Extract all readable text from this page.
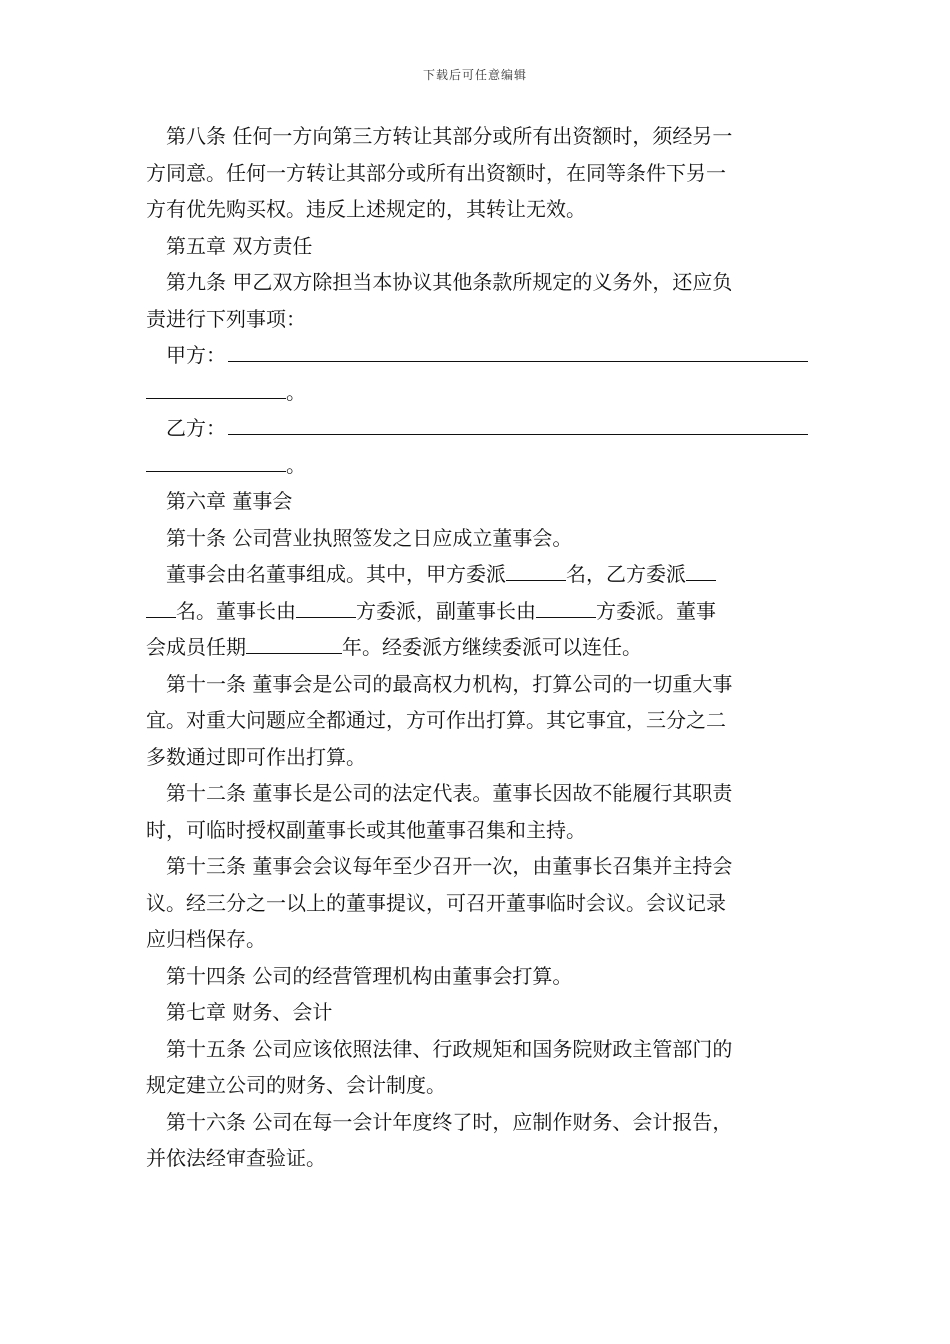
下载后可任意编辑
第八条 任何一方向第三方转让其部分或所有出资额时，须经另一
方同意。任何一方转让其部分或所有出资额时，在同等条件下另一
方有优先购买权。违反上述规定的，其转让无效。
第五章 双方责任
第九条 甲乙双方除担当本协议其他条款所规定的义务外，还应负
责进行下列事项：
甲方：
。
乙方：
。
第六章 董事会
第十条 公司营业执照签发之日应成立董事会。
董事会由名董事组成。其中，甲方委派	名，乙方委派
名。董事长由	方委派，副董事长由	方委派。董事
会成员任期	年。经委派方继续委派可以连任。
第十一条 董事会是公司的最高权力机构，打算公司的一切重大事
宜。对重大问题应全都通过，方可作出打算。其它事宜，三分之二
多数通过即可作出打算。
第十二条 董事长是公司的法定代表。董事长因故不能履行其职责
时，可临时授权副董事长或其他董事召集和主持。
第十三条 董事会会议每年至少召开一次，由董事长召集并主持会
议。经三分之一以上的董事提议，可召开董事临时会议。会议记录
应归档保存。
第十四条 公司的经营管理机构由董事会打算。
第七章 财务、会计
第十五条 公司应该依照法律、行政规矩和国务院财政主管部门的
规定建立公司的财务、会计制度。
第十六条 公司在每一会计年度终了时，应制作财务、会计报告，
并依法经审查验证。
